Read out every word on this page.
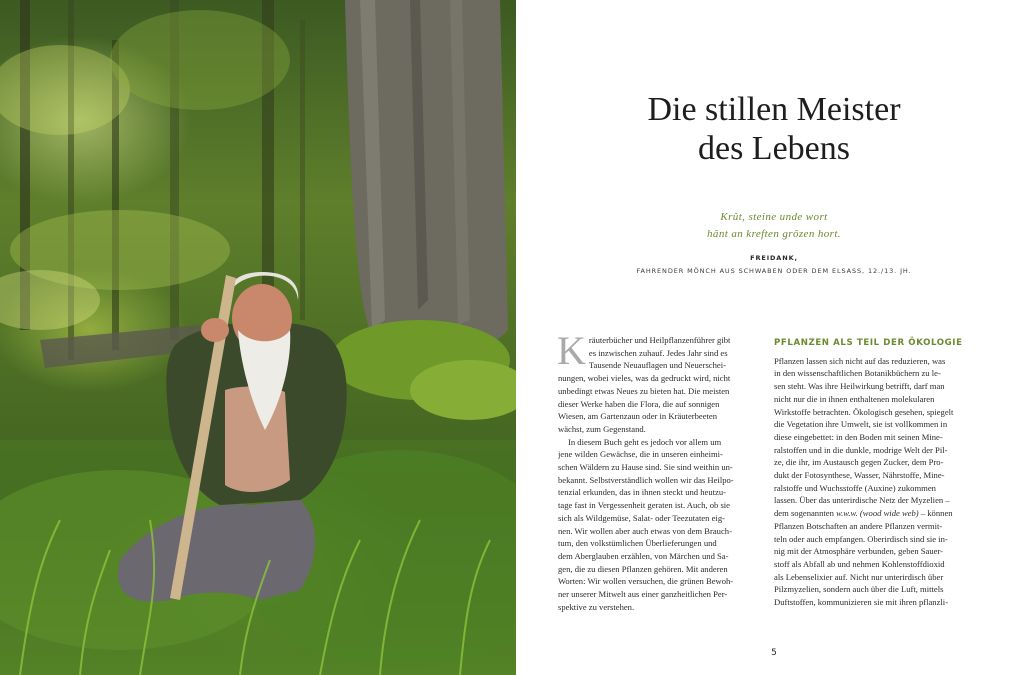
Die stillen Meister
des Lebens
Krût, steine unde wort
hânt an kreften grôzen hort.
FREIDANK,
FAHRENDER MÖNCH AUS SCHWABEN ODER DEM ELSASS, 12./13. JH.
K räuterbücher und Heilpflanzenführer gibt
es inzwischen zuhauf. Jedes Jahr sind es
Tausende Neuauflagen und Neuerschei-
nungen, wobei vieles, was da gedruckt wird, nicht
unbedingt etwas Neues zu bieten hat. Die meisten
dieser Werke haben die Flora, die auf sonnigen
Wiesen, am Gartenzaun oder in Kräuterbeeten
wächst, zum Gegenstand.
In diesem Buch geht es jedoch vor allem um
jene wilden Gewächse, die in unseren einheimi-
schen Wäldern zu Hause sind. Sie sind weithin un-
bekannt. Selbstverständlich wollen wir das Heilpo-
tenzial erkunden, das in ihnen steckt und heutzu-
tage fast in Vergessenheit geraten ist. Auch, ob sie
sich als Wildgemüse, Salat- oder Teezutaten eig-
nen. Wir wollen aber auch etwas von dem Brauch-
tum, den volkstümlichen Überlieferungen und
dem Aberglauben erzählen, von Märchen und Sa-
gen, die zu diesen Pflanzen gehören. Mit anderen
Worten: Wir wollen versuchen, die grünen Bewoh-
ner unserer Mitwelt aus einer ganzheitlichen Per-
spektive zu verstehen.
PFLANZEN ALS TEIL DER ÖKOLOGIE
Pflanzen lassen sich nicht auf das reduzieren, was
in den wissenschaftlichen Botanikbüchern zu le-
sen steht. Was ihre Heilwirkung betrifft, darf man
nicht nur die in ihnen enthaltenen molekularen
Wirkstoffe betrachten. Ökologisch gesehen, spiegelt
die Vegetation ihre Umwelt, sie ist vollkommen in
diese eingebettet: in den Boden mit seinen Mine-
ralstoffen und in die dunkle, modrige Welt der Pil-
ze, die ihr, im Austausch gegen Zucker, dem Pro-
dukt der Fotosynthese, Wasser, Nährstoffe, Mine-
ralstoffe und Wuchsstoffe (Auxine) zukommen
lassen. Über das unterirdische Netz der Myzelien –
dem sogenannten w.w.w. (wood wide web) – können
Pflanzen Botschaften an andere Pflanzen vermit-
teln oder auch empfangen. Oberirdisch sind sie in-
nig mit der Atmosphäre verbunden, geben Sauer-
stoff als Abfall ab und nehmen Kohlenstoffdioxid
als Lebenselixier auf. Nicht nur unterirdisch über
Pilzmyzelien, sondern auch über die Luft, mittels
Duftstoffen, kommunizieren sie mit ihren pflanzli-
5
